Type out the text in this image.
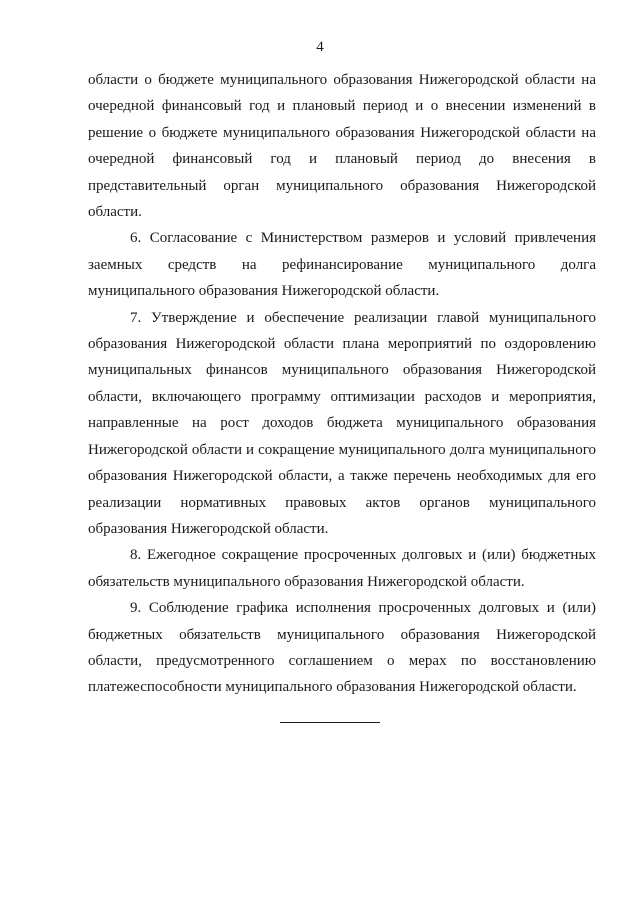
4

области о бюджете муниципального образования Нижегородской области на очередной финансовый год и плановый период и о внесении изменений в решение о бюджете муниципального образования Нижегородской области на очередной финансовый год и плановый период до внесения в представительный орган муниципального образования Нижегородской области.

6. Согласование с Министерством размеров и условий привлечения заемных средств на рефинансирование муниципального долга муниципального образования Нижегородской области.

7. Утверждение и обеспечение реализации главой муниципального образования Нижегородской области плана мероприятий по оздоровлению муниципальных финансов муниципального образования Нижегородской области, включающего программу оптимизации расходов и мероприятия, направленные на рост доходов бюджета муниципального образования Нижегородской области и сокращение муниципального долга муниципального образования Нижегородской области, а также перечень необходимых для его реализации нормативных правовых актов органов муниципального образования Нижегородской области.

8. Ежегодное сокращение просроченных долговых и (или) бюджетных обязательств муниципального образования Нижегородской области.

9. Соблюдение графика исполнения просроченных долговых и (или) бюджетных обязательств муниципального образования Нижегородской области, предусмотренного соглашением о мерах по восстановлению платежеспособности муниципального образования Нижегородской области.
